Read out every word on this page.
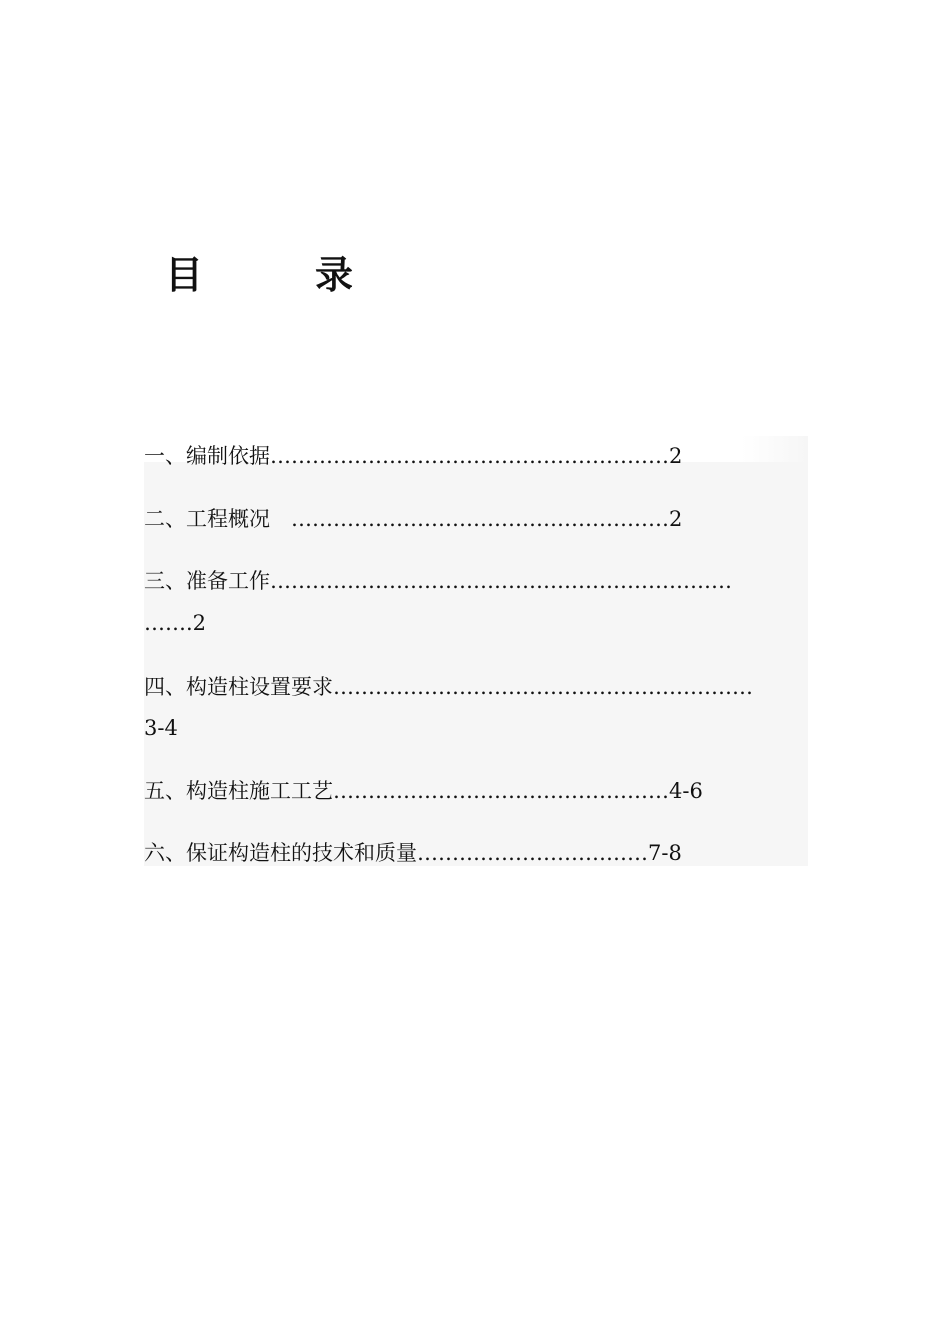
目	录
一、编制依据…………………………………………………2
二、工程概况　………………………………………………2
三、准备工作…………………………………………………………
…….2
四、构造柱设置要求……………………………………………………
3-4
五、构造柱施工工艺…………………………………………4-6
六、保证构造柱的技术和质量……………………………7-8
